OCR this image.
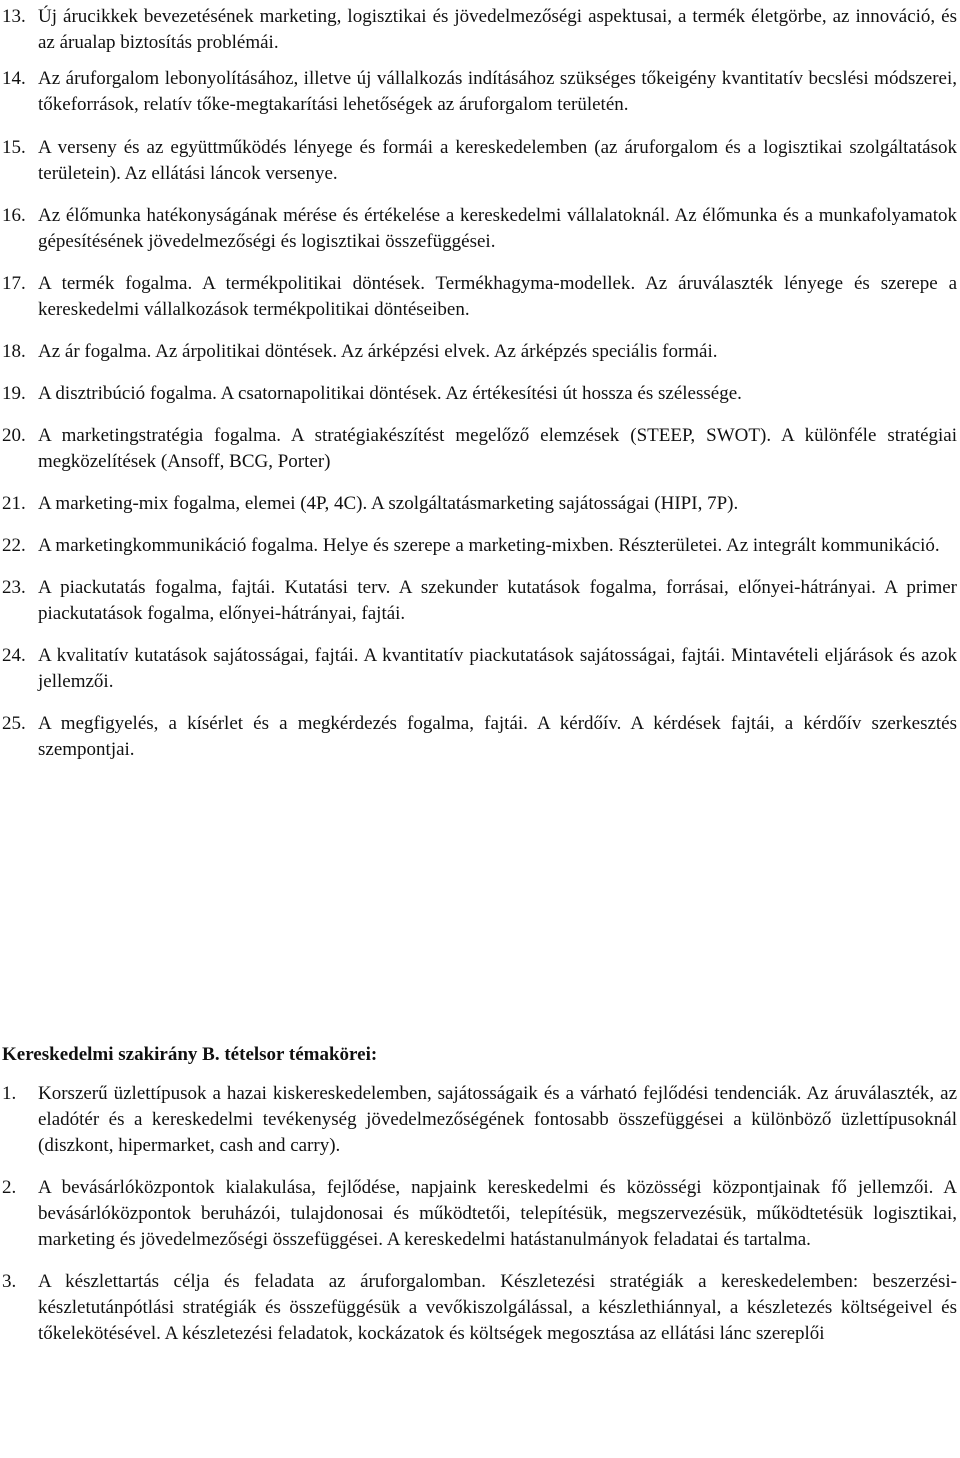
13. Új árucikkek bevezetésének marketing, logisztikai és jövedelmezőségi aspektusai, a termék életgörbe, az innováció, és az árualap biztosítás problémái.
14. Az áruforgalom lebonyolításához, illetve új vállalkozás indításához szükséges tőkeigény kvantitatív becslési módszerei, tőkeforrások, relatív tőke-megtakarítási lehetőségek az áruforgalom területén.
15. A verseny és az együttműködés lényege és formái a kereskedelemben (az áruforgalom és a logisztikai szolgáltatások területein). Az ellátási láncok versenye.
16. Az élőmunka hatékonyságának mérése és értékelése a kereskedelmi vállalatoknál. Az élőmunka és a munkafolyamatok gépesítésének jövedelmezőségi és logisztikai összefüggései.
17. A termék fogalma. A termékpolitikai döntések. Termékhagyma-modellek. Az áruválaszték lényege és szerepe a kereskedelmi vállalkozások termékpolitikai döntéseiben.
18. Az ár fogalma. Az árpolitikai döntések. Az árképzési elvek. Az árképzés speciális formái.
19. A disztribúció fogalma. A csatornapolitikai döntések. Az értékesítési út hossza és szélessége.
20. A marketingstratégia fogalma. A stratégiakészítést megelőző elemzések (STEEP, SWOT). A különféle stratégiai megközelítések (Ansoff, BCG, Porter)
21. A marketing-mix fogalma, elemei (4P, 4C). A szolgáltatásmarketing sajátosságai (HIPI, 7P).
22. A marketingkommunikáció fogalma. Helye és szerepe a marketing-mixben. Részterületei. Az integrált kommunikáció.
23. A piackutatás fogalma, fajtái. Kutatási terv. A szekunder kutatások fogalma, forrásai, előnyei-hátrányai. A primer piackutatások fogalma, előnyei-hátrányai, fajtái.
24. A kvalitatív kutatások sajátosságai, fajtái. A kvantitatív piackutatások sajátosságai, fajtái. Mintavételi eljárások és azok jellemzői.
25. A megfigyelés, a kísérlet és a megkérdezés fogalma, fajtái. A kérdőív. A kérdések fajtái, a kérdőív szerkesztés szempontjai.
Kereskedelmi szakirány B. tételsor témakörei:
1. Korszerű üzlettípusok a hazai kiskereskedelemben, sajátosságaik és a várható fejlődési tendenciák. Az áruválaszték, az eladótér és a kereskedelmi tevékenység jövedelmezőségének fontosabb összefüggései a különböző üzlettípusoknál (diszkont, hipermarket, cash and carry).
2. A bevásárlóközpontok kialakulása, fejlődése, napjaink kereskedelmi és közösségi központjainak fő jellemzői. A bevásárlóközpontok beruházói, tulajdonosai és működtetői, telepítésük, megszervezésük, működtetésük logisztikai, marketing és jövedelmezőségi összefüggései. A kereskedelmi hatástanulmányok feladatai és tartalma.
3. A készlettartás célja és feladata az áruforgalomban. Készletezési stratégiák a kereskedelemben: beszerzési-készletutánpótlási stratégiák és összefüggésük a vevőkiszolgálással, a készlethiánnyal, a készletezés költségeivel és tőkelekötésével. A készletezési feladatok, kockázatok és költségek megosztása az ellátási lánc szereplői
